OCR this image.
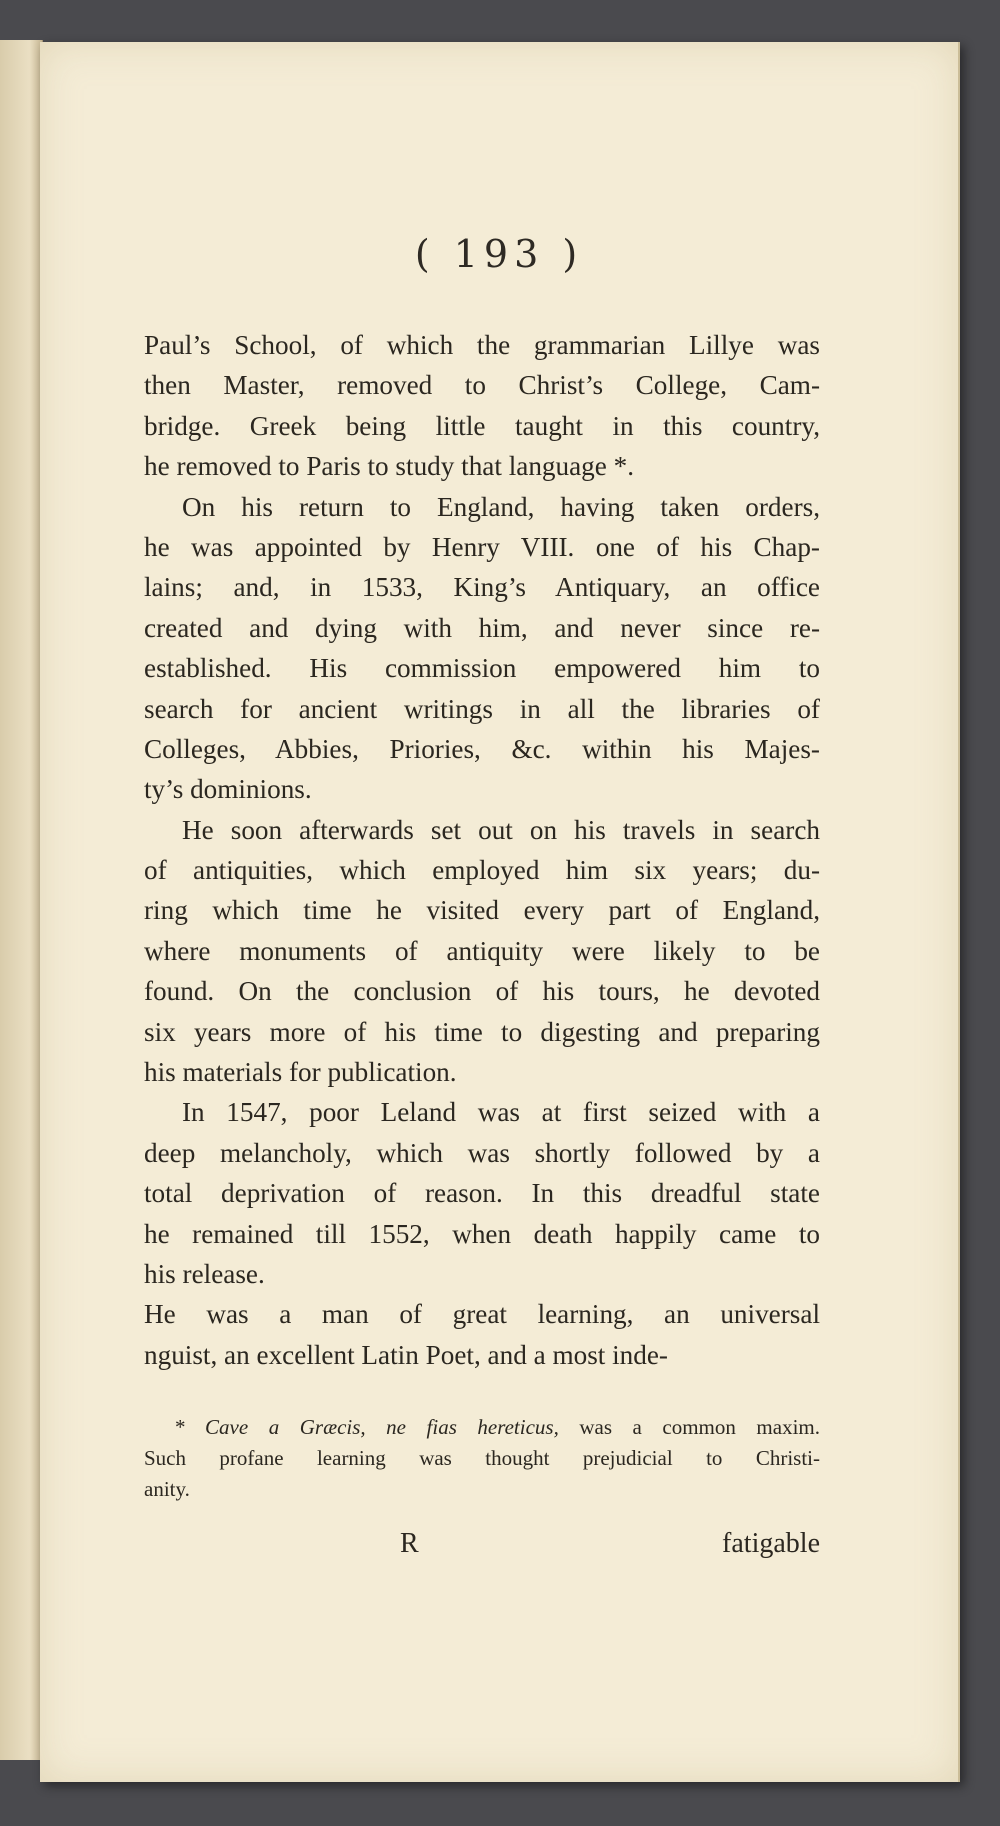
( 193 )
Paul’s School, of which the grammarian Lillye was
then Master, removed to Christ’s College, Cam-
bridge. Greek being little taught in this country,
he removed to Paris to study that language *.
On his return to England, having taken orders,
he was appointed by Henry VIII. one of his Chap-
lains; and, in 1533, King’s Antiquary, an office
created and dying with him, and never since re-
established. His commission empowered him to
search for ancient writings in all the libraries of
Colleges, Abbies, Priories, &c. within his Majes-
ty’s dominions.
He soon afterwards set out on his travels in search
of antiquities, which employed him six years; du-
ring which time he visited every part of England,
where monuments of antiquity were likely to be
found. On the conclusion of his tours, he devoted
six years more of his time to digesting and preparing
his materials for publication.
In 1547, poor Leland was at first seized with a
deep melancholy, which was shortly followed by a
total deprivation of reason. In this dreadful state
he remained till 1552, when death happily came to
his release.
He was a man of great learning, an universal
nguist, an excellent Latin Poet, and a most inde-
* Cave a Græcis, ne fias hereticus, was a common maxim.
Such profane learning was thought prejudicial to Christi-
anity.
R	fatigable
